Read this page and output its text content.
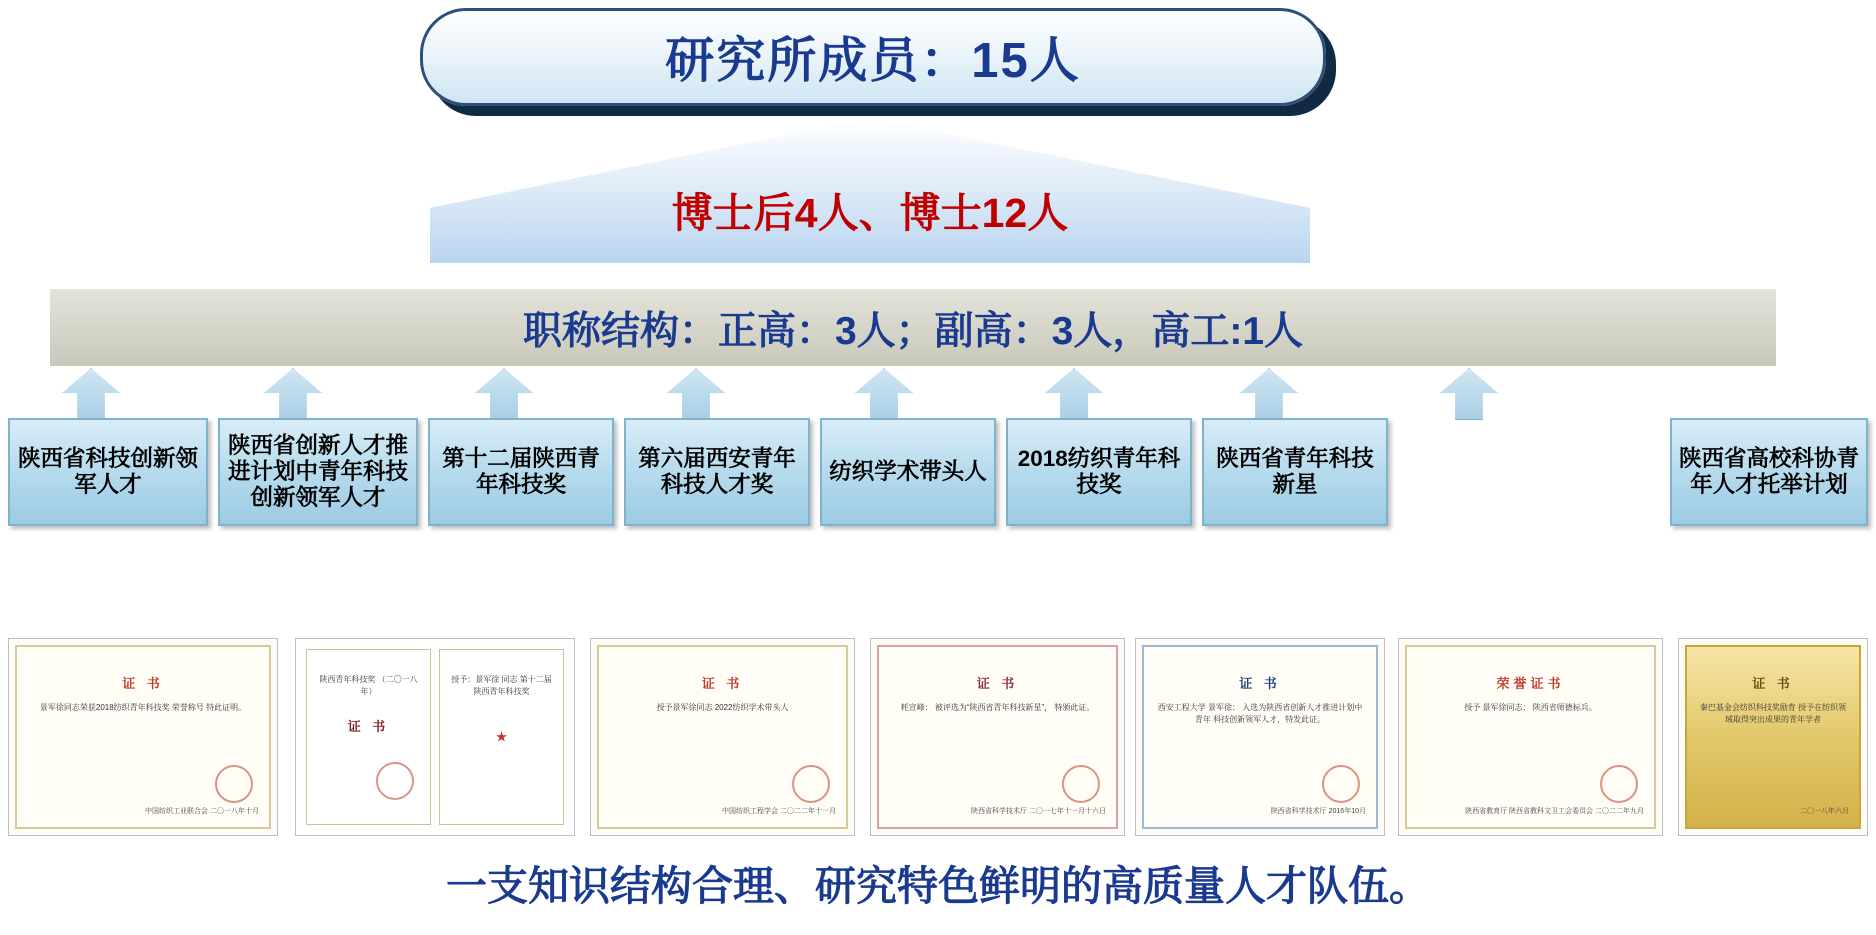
研究所成员：15人
博士后4人、博士12人
职称结构：正高：3人；副高：3人，高工:1人
陕西省科技创新领军人才
陕西省创新人才推进计划中青年科技创新领军人才
第十二届陕西青年科技奖
第六届西安青年科技人才奖
纺织学术带头人
2018纺织青年科技奖
陕西省青年科技新星
陕西省高校科协青年人才托举计划
证 书
景军徐同志荣获2018纺织青年科技奖 荣誉称号 特此证明。
中国纺织工业联合会 二〇一八年十月
陕西青年科技奖 （二〇一八年）
证 书
授予：景军徐 同志 第十二届陕西青年科技奖
★
证 书
授予景军徐同志 2022纺织学术带头人
中国纺织工程学会 二〇二二年十一月
证 书
耗宣峰： 被评选为“陕西省青年科技新星”， 特颁此证。
陕西省科学技术厅 二〇一七年十一月十六日
证 书
西安工程大学 景军徐： 入选为陕西省创新人才推进计划中青年 科技创新领军人才，特发此证。
陕西省科学技术厅 2016年10月
荣誉证书
授予 景军徐同志： 陕西省师德标兵。
陕西省教育厅 陕西省教科文卫工会委员会 二〇二二年九月
证 书
秦巴基金会纺织科技奖励育 授予在纺织领域取得突出成果的青年学者
二〇一八年六月
一支知识结构合理、研究特色鲜明的高质量人才队伍。
